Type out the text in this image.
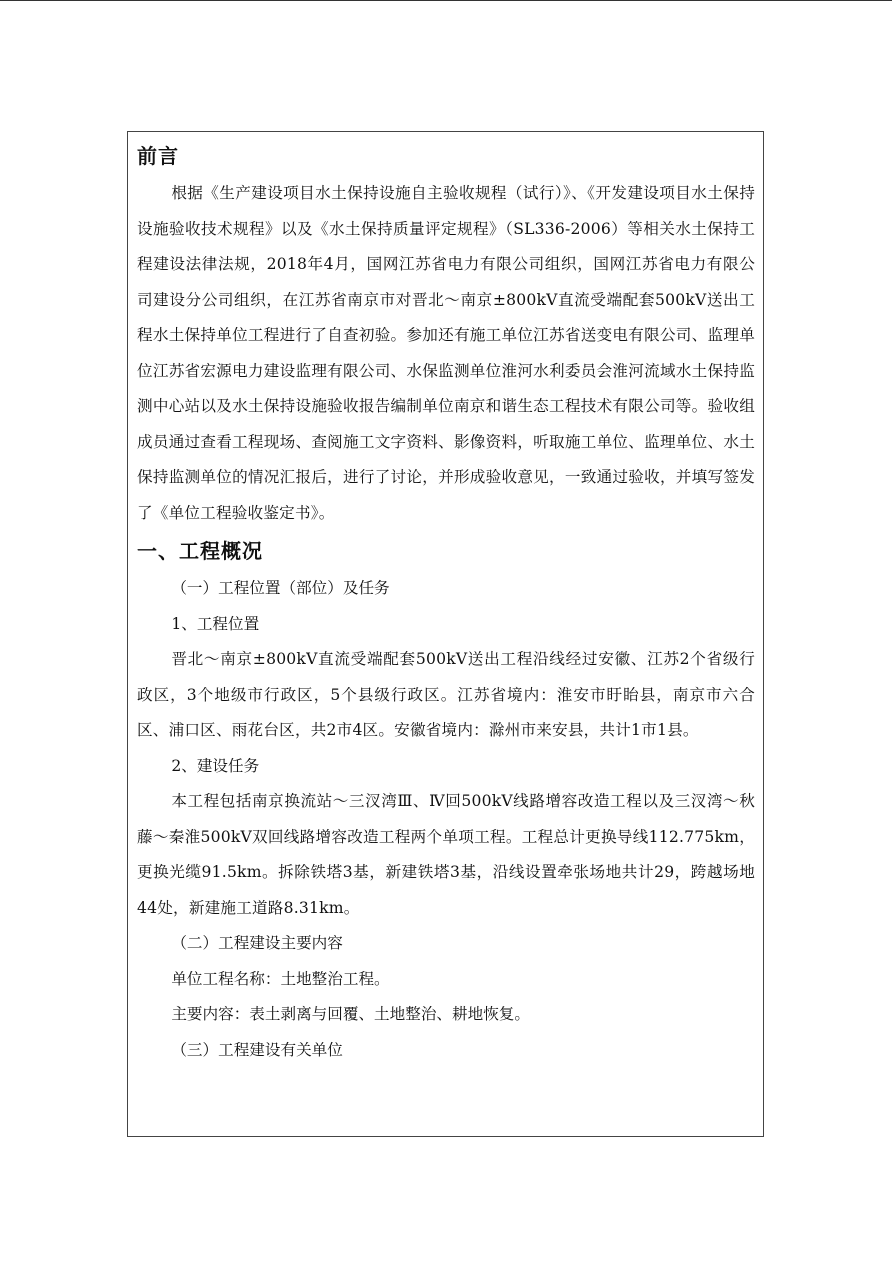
前言

根据《生产建设项目水土保持设施自主验收规程（试行）》、《开发建设项目水土保持设施验收技术规程》以及《水土保持质量评定规程》（SL336-2006）等相关水土保持工程建设法律法规，2018年4月，国网江苏省电力有限公司组织，国网江苏省电力有限公司建设分公司组织，在江苏省南京市对晋北～南京±800kV直流受端配套500kV送出工程水土保持单位工程进行了自查初验。参加还有施工单位江苏省送变电有限公司、监理单位江苏省宏源电力建设监理有限公司、水保监测单位淮河水利委员会淮河流域水土保持监测中心站以及水土保持设施验收报告编制单位南京和谐生态工程技术有限公司等。验收组成员通过查看工程现场、查阅施工文字资料、影像资料，听取施工单位、监理单位、水土保持监测单位的情况汇报后，进行了讨论，并形成验收意见，一致通过验收，并填写签发了《单位工程验收鉴定书》。

一、工程概况

（一）工程位置（部位）及任务

1、工程位置

晋北～南京±800kV直流受端配套500kV送出工程沿线经过安徽、江苏2个省级行政区，3个地级市行政区，5个县级行政区。江苏省境内：淮安市盱眙县，南京市六合区、浦口区、雨花台区，共2市4区。安徽省境内：滁州市来安县，共计1市1县。

2、建设任务

本工程包括南京换流站～三汊湾Ⅲ、Ⅳ回500kV线路增容改造工程以及三汊湾～秋藤～秦淮500kV双回线路增容改造工程两个单项工程。工程总计更换导线112.775km，更换光缆91.5km。拆除铁塔3基，新建铁塔3基，沿线设置牵张场地共计29，跨越场地44处，新建施工道路8.31km。

（二）工程建设主要内容

单位工程名称：土地整治工程。

主要内容：表土剥离与回覆、土地整治、耕地恢复。

（三）工程建设有关单位
